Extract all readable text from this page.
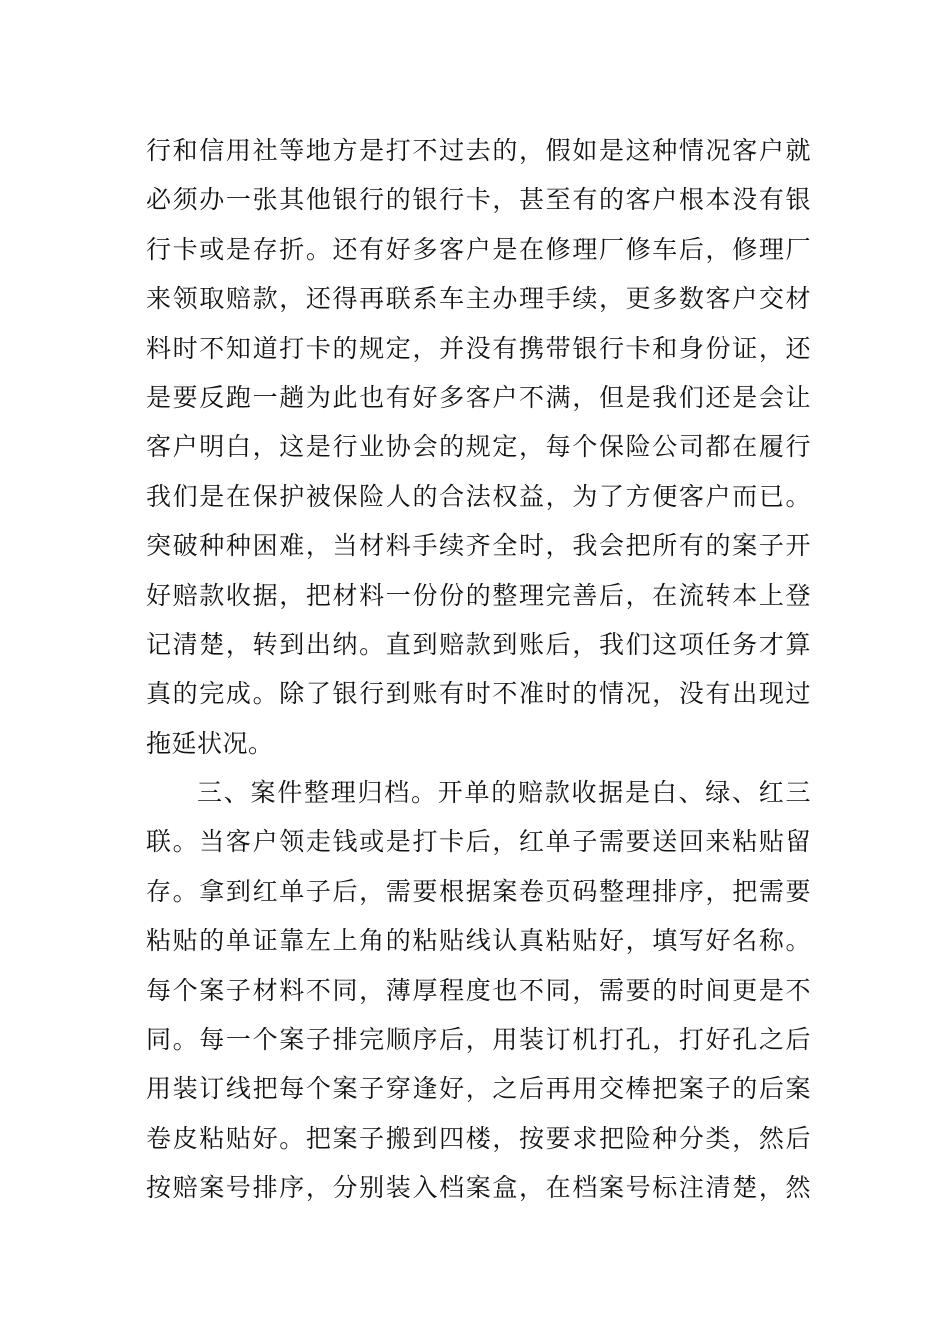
行和信用社等地方是打不过去的，假如是这种情况客户就
必须办一张其他银行的银行卡，甚至有的客户根本没有银
行卡或是存折。还有好多客户是在修理厂修车后，修理厂
来领取赔款，还得再联系车主办理手续，更多数客户交材
料时不知道打卡的规定，并没有携带银行卡和身份证，还
是要反跑一趟为此也有好多客户不满，但是我们还是会让
客户明白，这是行业协会的规定，每个保险公司都在履行
我们是在保护被保险人的合法权益，为了方便客户而已。
突破种种困难，当材料手续齐全时，我会把所有的案子开
好赔款收据，把材料一份份的整理完善后，在流转本上登
记清楚，转到出纳。直到赔款到账后，我们这项任务才算
真的完成。除了银行到账有时不准时的情况，没有出现过
拖延状况。
三、案件整理归档。开单的赔款收据是白、绿、红三
联。当客户领走钱或是打卡后，红单子需要送回来粘贴留
存。拿到红单子后，需要根据案卷页码整理排序，把需要
粘贴的单证靠左上角的粘贴线认真粘贴好，填写好名称。
每个案子材料不同，薄厚程度也不同，需要的时间更是不
同。每一个案子排完顺序后，用装订机打孔，打好孔之后
用装订线把每个案子穿逢好，之后再用交棒把案子的后案
卷皮粘贴好。把案子搬到四楼，按要求把险种分类，然后
按赔案号排序，分别装入档案盒，在档案号标注清楚，然
